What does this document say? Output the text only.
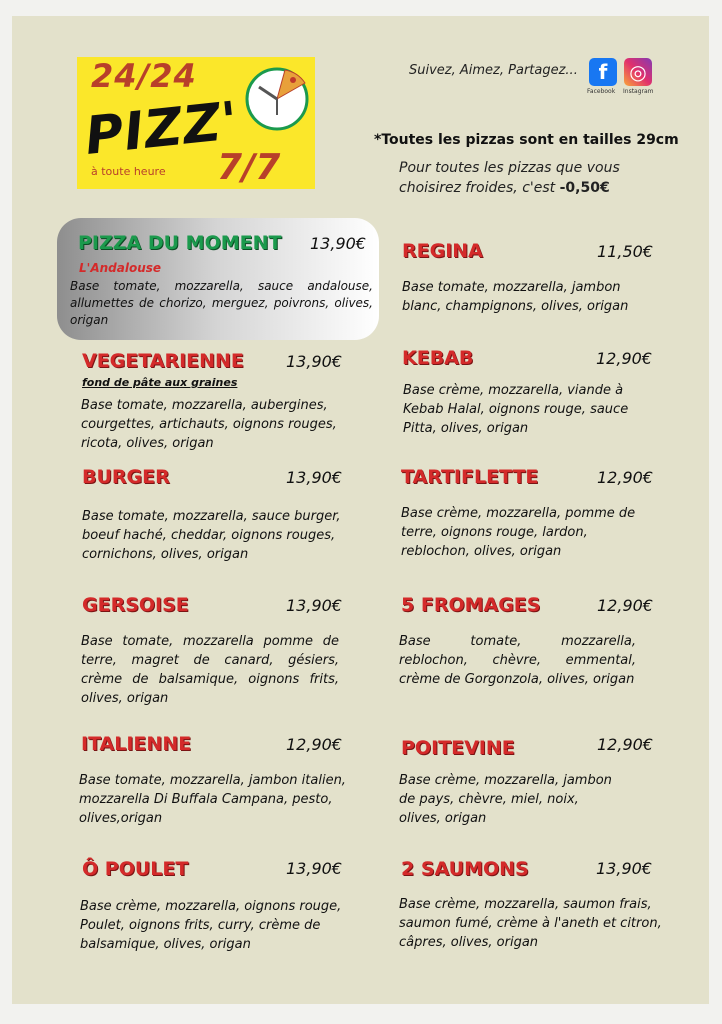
24/24
PIZZ'
7/7
à toute heure
Suivez, Aimez, Partagez...	f	◎
Facebook Instagram
*Toutes les pizzas sont en tailles 29cm
Pour toutes les pizzas que vous choisirez froides, c'est -0,50€
PIZZA DU MOMENT 13,90€
L'Andalouse
Base tomate, mozzarella, sauce andalouse, allumettes de chorizo, merguez, poivrons, olives, origan
REGINA	11,50€
Base tomate, mozzarella, jambon blanc, champignons, olives, origan
VEGETARIENNE	13,90€
fond de pâte aux graines
Base tomate, mozzarella, aubergines, courgettes, artichauts, oignons rouges, ricota, olives, origan
KEBAB	12,90€
Base crème, mozzarella, viande à Kebab Halal, oignons rouge, sauce Pitta, olives, origan
BURGER	13,90€
Base tomate, mozzarella, sauce burger, boeuf haché, cheddar, oignons rouges, cornichons, olives, origan
TARTIFLETTE	12,90€
Base crème, mozzarella, pomme de terre, oignons rouge, lardon, reblochon, olives, origan
GERSOISE	13,90€
Base tomate, mozzarella pomme de terre, magret de canard, gésiers, crème de balsamique, oignons frits, olives, origan
5 FROMAGES	12,90€
Base tomate, mozzarella, reblochon, chèvre, emmental, crème de Gorgonzola, olives, origan
ITALIENNE	12,90€
Base tomate, mozzarella, jambon italien, mozzarella Di Buffala Campana, pesto, olives,origan
POITEVINE	12,90€
Base crème, mozzarella, jambon de pays, chèvre, miel, noix, olives, origan
Ô POULET	13,90€
Base crème, mozzarella, oignons rouge, Poulet, oignons frits, curry, crème de balsamique, olives, origan
2 SAUMONS	13,90€
Base crème, mozzarella, saumon frais, saumon fumé, crème à l'aneth et citron, câpres, olives, origan
